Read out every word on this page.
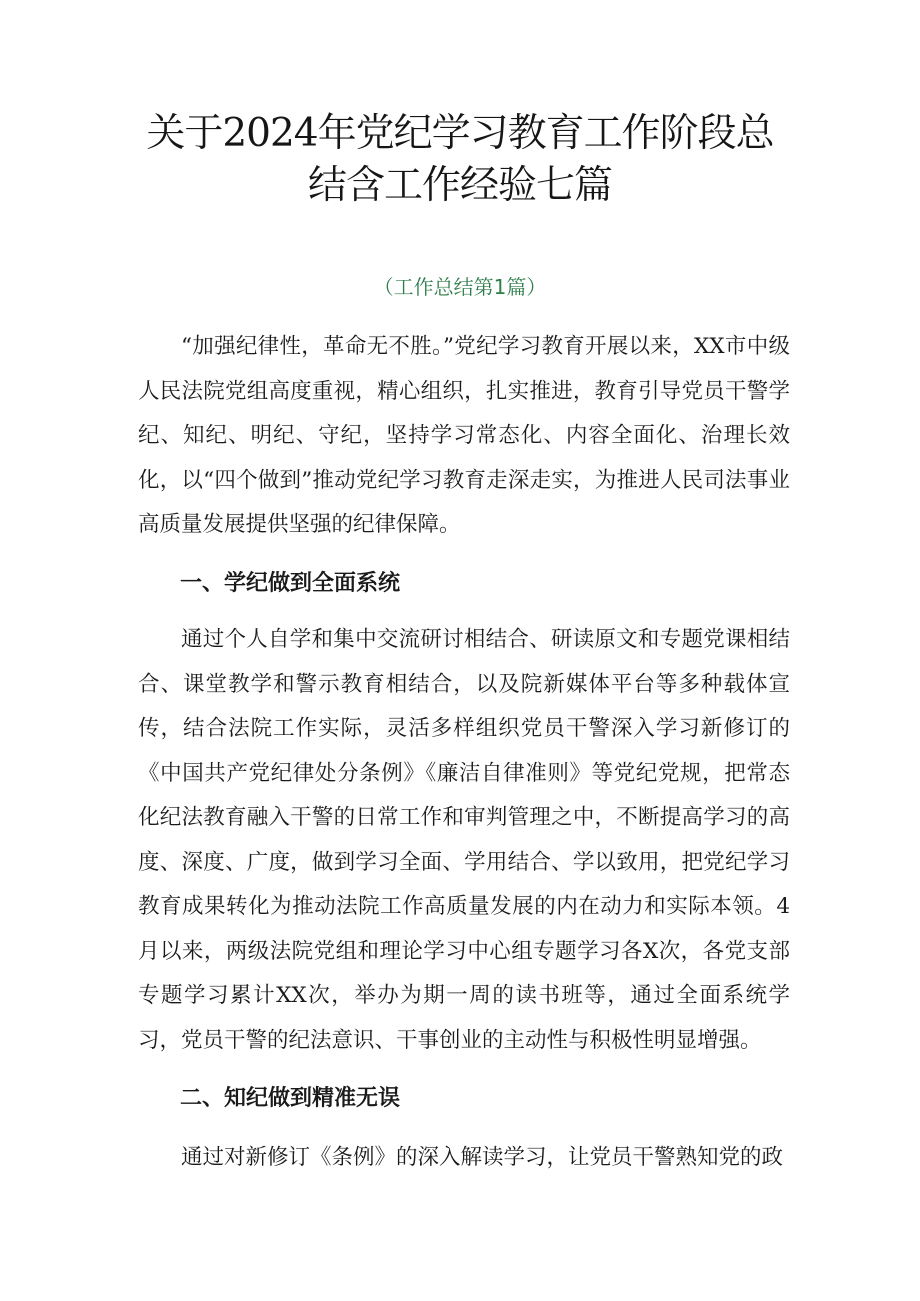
关于2024年党纪学习教育工作阶段总结含工作经验七篇

（工作总结第1篇）

“加强纪律性，革命无不胜。”党纪学习教育开展以来，XX市中级人民法院党组高度重视，精心组织，扎实推进，教育引导党员干警学纪、知纪、明纪、守纪，坚持学习常态化、内容全面化、治理长效化，以“四个做到”推动党纪学习教育走深走实，为推进人民司法事业高质量发展提供坚强的纪律保障。

一、学纪做到全面系统

通过个人自学和集中交流研讨相结合、研读原文和专题党课相结合、课堂教学和警示教育相结合，以及院新媒体平台等多种载体宣传，结合法院工作实际，灵活多样组织党员干警深入学习新修订的《中国共产党纪律处分条例》《廉洁自律准则》等党纪党规，把常态化纪法教育融入干警的日常工作和审判管理之中，不断提高学习的高度、深度、广度，做到学习全面、学用结合、学以致用，把党纪学习教育成果转化为推动法院工作高质量发展的内在动力和实际本领。4月以来，两级法院党组和理论学习中心组专题学习各X次，各党支部专题学习累计XX次，举办为期一周的读书班等，通过全面系统学习，党员干警的纪法意识、干事创业的主动性与积极性明显增强。

二、知纪做到精准无误

通过对新修订《条例》的深入解读学习，让党员干警熟知党的政
